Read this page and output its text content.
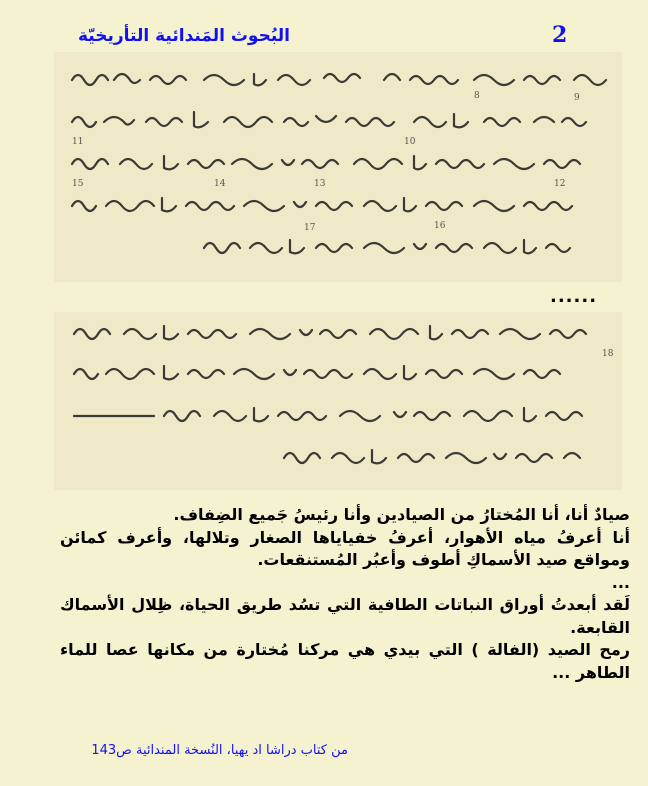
البُحوث المَندائية التأريخيّة	2
8	9
10
11
12
13
14
15
16
17
......
18

صيادٌ أنا، أنا المُختارُ من الصيادين وأنا رئيسُ جَميع الضِفاف.

أنا أعرفُ مياه الأهوار، أعرفُ خفياياها الصغار وتلالها، وأعرف كمائن ومواقع صيد الأسماكِ أطوف وأعبُر المُستنقعات.

...

لَقد أبعدتُ أوراق النباتات الطافية التي تسُد طريق الحياة، ظِلال الأسماك القابعة.

رمح الصيد (الفالة ) التي بيدي هي مركنا مُختارة من مكانها عصا للماء الطاهر ...

من كتاب دراشا اد يهيا، النُسخة المندائية ص143
